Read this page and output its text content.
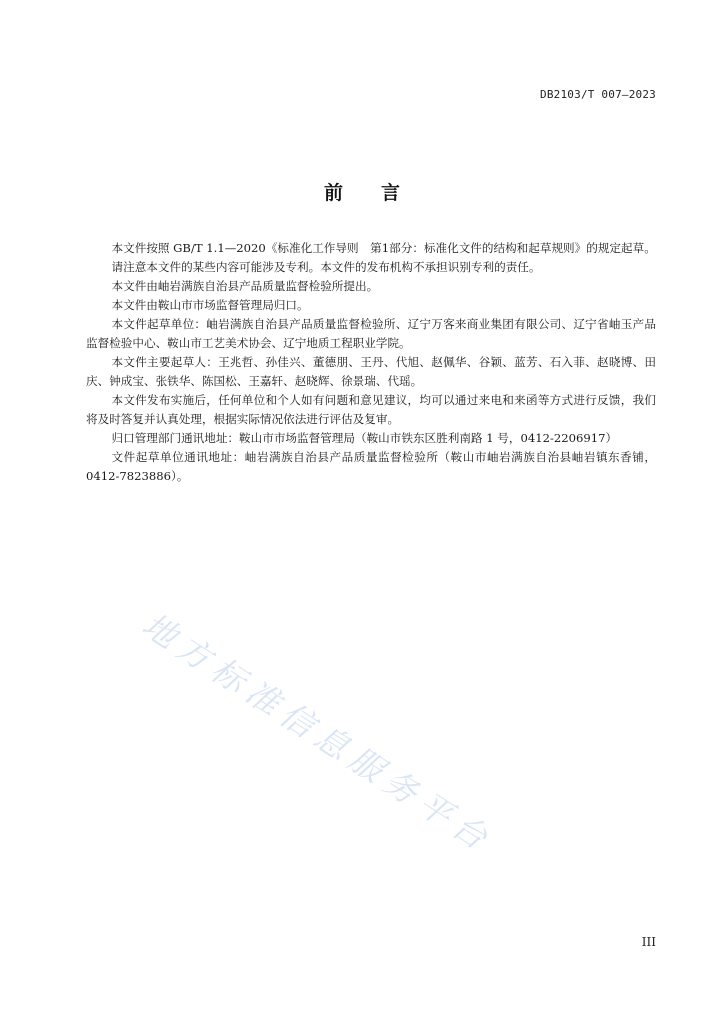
DB2103/T 007—2023
前 言

本文件按照 GB/T 1.1—2020《标准化工作导则　第1部分：标准化文件的结构和起草规则》的规定起草。

请注意本文件的某些内容可能涉及专利。本文件的发布机构不承担识别专利的责任。

本文件由岫岩满族自治县产品质量监督检验所提出。

本文件由鞍山市市场监督管理局归口。

本文件起草单位：岫岩满族自治县产品质量监督检验所、辽宁万客来商业集团有限公司、辽宁省岫玉产品监督检验中心、鞍山市工艺美术协会、辽宁地质工程职业学院。

本文件主要起草人：王兆哲、孙佳兴、董德朋、王丹、代旭、赵佩华、谷颖、蓝芳、石入菲、赵晓博、田庆、钟成宝、张铁华、陈国松、王嘉轩、赵晓辉、徐景瑞、代瑶。

本文件发布实施后，任何单位和个人如有问题和意见建议，均可以通过来电和来函等方式进行反馈，我们将及时答复并认真处理，根据实际情况依法进行评估及复审。

归口管理部门通讯地址：鞍山市市场监督管理局（鞍山市铁东区胜利南路 1 号，0412-2206917）

文件起草单位通讯地址：岫岩满族自治县产品质量监督检验所（鞍山市岫岩满族自治县岫岩镇东香铺，0412-7823886）。

地方标准信息服务平台
III
